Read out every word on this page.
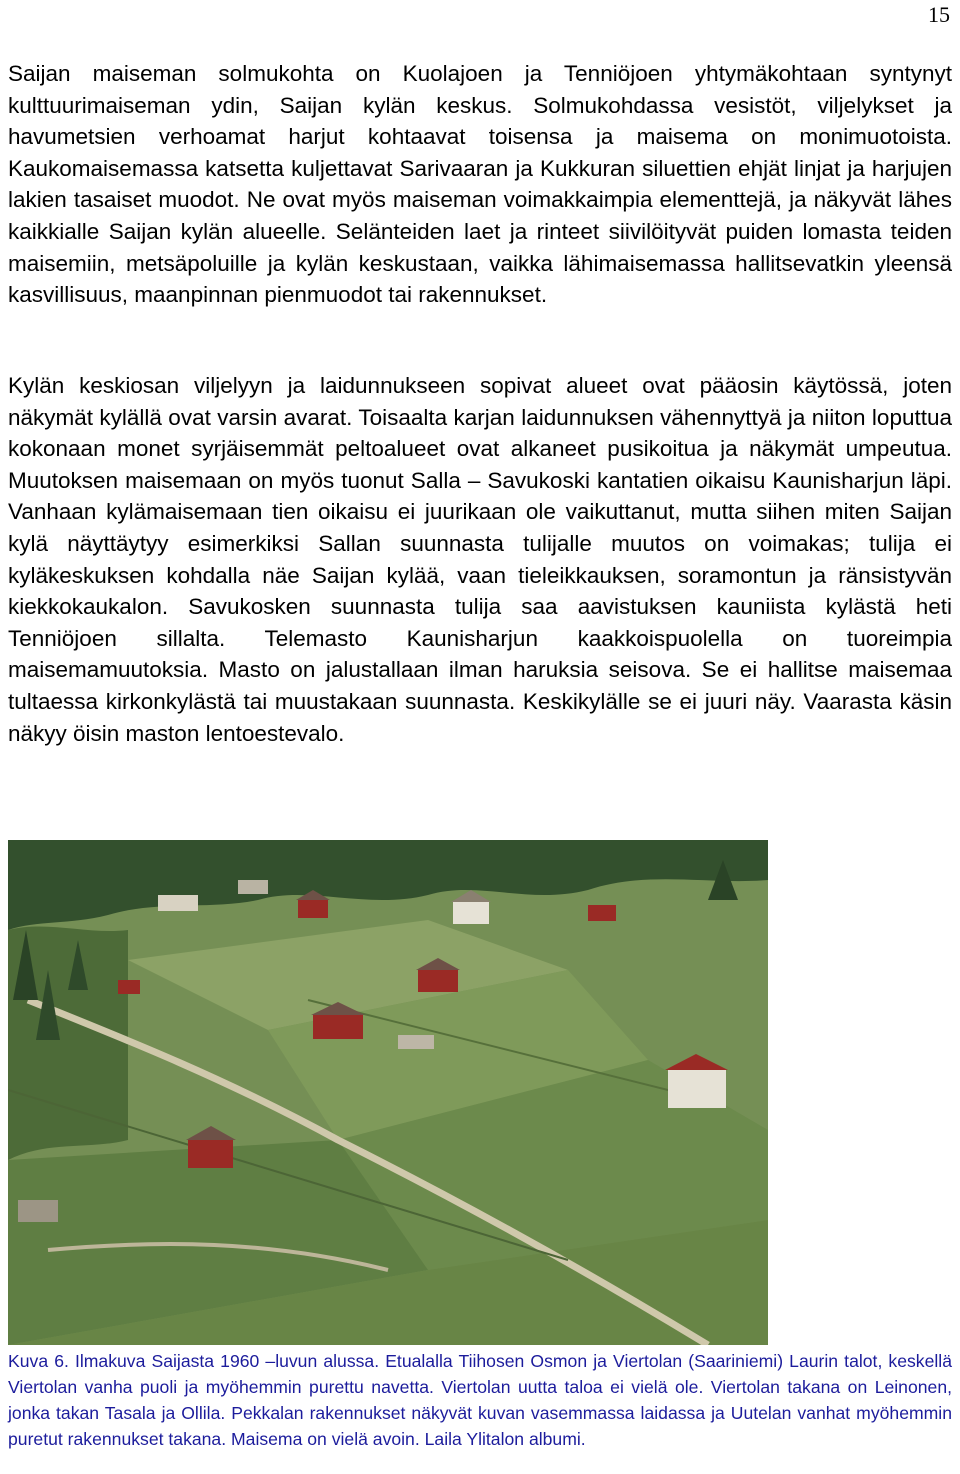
15

Saijan maiseman solmukohta on Kuolajoen ja Tenniöjoen yhtymäkohtaan syntynyt kulttuurimaiseman ydin, Saijan kylän keskus. Solmukohdassa vesistöt, viljelykset ja havumetsien verhoamat harjut kohtaavat toisensa ja maisema on monimuotoista. Kaukomaisemassa katsetta kuljettavat Sarivaaran ja Kukkuran siluettien ehjät linjat ja harjujen lakien tasaiset muodot. Ne ovat myös maiseman voimakkaimpia elementtejä, ja näkyvät lähes kaikkialle Saijan kylän alueelle. Selänteiden laet ja rinteet siivilöityvät puiden lomasta teiden maisemiin, metsäpoluille ja kylän keskustaan, vaikka lähimaisemassa hallitsevatkin yleensä kasvillisuus, maanpinnan pienmuodot tai rakennukset.

Kylän keskiosan viljelyyn ja laidunnukseen sopivat alueet ovat pääosin käytössä, joten näkymät kylällä ovat varsin avarat. Toisaalta karjan laidunnuksen vähennyttyä ja niiton loputtua kokonaan monet syrjäisemmät peltoalueet ovat alkaneet pusikoitua ja näkymät umpeutua. Muutoksen maisemaan on myös tuonut Salla – Savukoski kantatien oikaisu Kaunisharjun läpi. Vanhaan kylämaisemaan tien oikaisu ei juurikaan ole vaikuttanut, mutta siihen miten Saijan kylä näyttäytyy esimerkiksi Sallan suunnasta tulijalle muutos on voimakas; tulija ei kyläkeskuksen kohdalla näe Saijan kylää, vaan tieleikkauksen, soramontun ja ränsistyvän kiekkokaukalon. Savukosken suunnasta tulija saa aavistuksen kauniista kylästä heti Tenniöjoen sillalta. Telemasto Kaunisharjun kaakkoispuolella on tuoreimpia maisemamuutoksia. Masto on jalustallaan ilman haruksia seisova. Se ei hallitse maisemaa tultaessa kirkonkylästä tai muustakaan suunnasta. Keskikylälle se ei juuri näy. Vaarasta käsin näkyy öisin maston lentoestevalo.

Kuva 6. Ilmakuva Saijasta 1960 –luvun alussa. Etualalla Tiihosen Osmon ja Viertolan (Saariniemi) Laurin talot, keskellä Viertolan vanha puoli ja myöhemmin purettu navetta. Viertolan uutta taloa ei vielä ole. Viertolan takana on Leinonen, jonka takan Tasala ja Ollila. Pekkalan rakennukset näkyvät kuvan vasemmassa laidassa ja Uutelan vanhat myöhemmin puretut rakennukset takana. Maisema on vielä avoin. Laila Ylitalon albumi.
